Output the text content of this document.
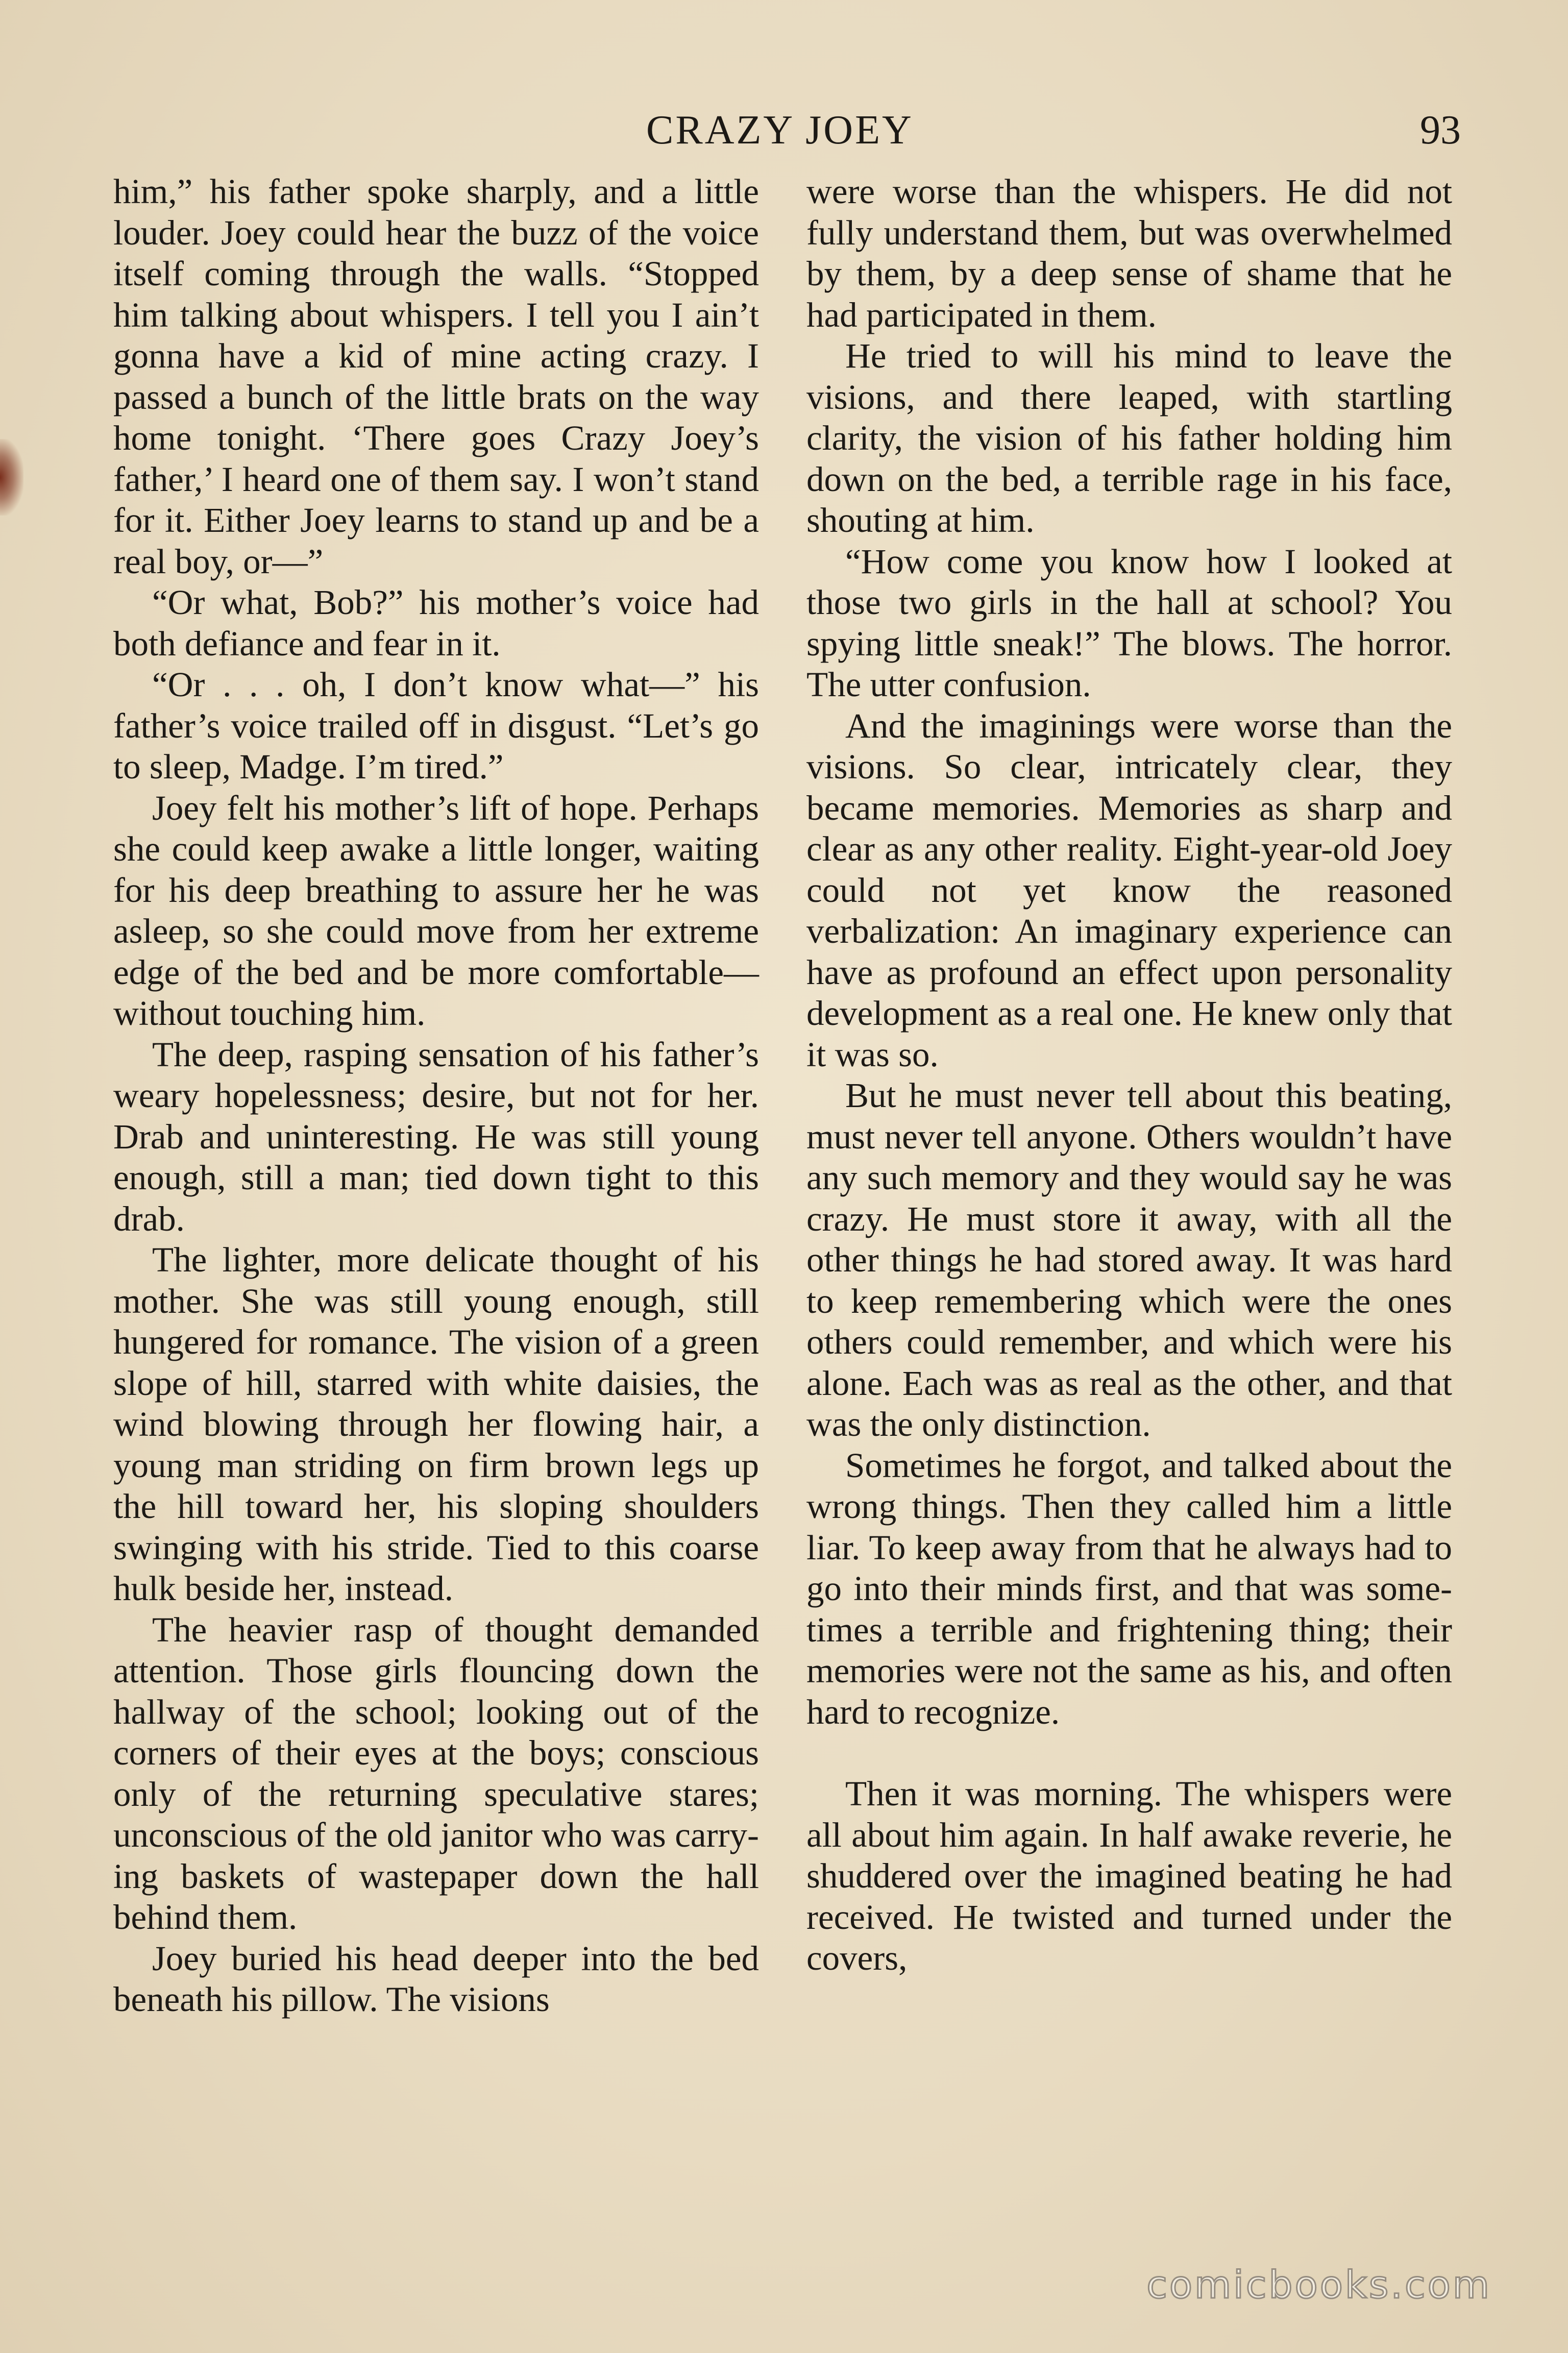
CRAZY JOEY	93

him,” his father spoke sharply, and a little louder. Joey could hear the buzz of the voice itself coming through the walls. “Stopped him talking about whispers. I tell you I ain’t gonna have a kid of mine acting crazy. I passed a bunch of the little brats on the way home tonight. ‘There goes Crazy Joey’s father,’ I heard one of them say. I won’t stand for it. Either Joey learns to stand up and be a real boy, or—”

“Or what, Bob?” his mother’s voice had both defiance and fear in it.

“Or . . . oh, I don’t know what—” his father’s voice trailed off in disgust. “Let’s go to sleep, Madge. I’m tired.”

Joey felt his mother’s lift of hope. Perhaps she could keep awake a little longer, waiting for his deep breathing to assure her he was asleep, so she could move from her extreme edge of the bed and be more comfortable—without touching him.

The deep, rasping sensation of his father’s weary hopelessness; desire, but not for her. Drab and uninteresting. He was still young enough, still a man; tied down tight to this drab.

The lighter, more delicate thought of his mother. She was still young enough, still hungered for romance. The vision of a green slope of hill, starred with white daisies, the wind blowing through her flowing hair, a young man striding on firm brown legs up the hill toward her, his sloping shoulders swinging with his stride. Tied to this coarse hulk beside her, instead.

The heavier rasp of thought demanded attention. Those girls flouncing down the hallway of the school; looking out of the corners of their eyes at the boys; conscious only of the returning speculative stares; unconscious of the old janitor who was carrying baskets of wastepaper down the hall behind them.

Joey buried his head deeper into the bed beneath his pillow. The visions

were worse than the whispers. He did not fully understand them, but was overwhelmed by them, by a deep sense of shame that he had participated in them.

He tried to will his mind to leave the visions, and there leaped, with startling clarity, the vision of his father holding him down on the bed, a terrible rage in his face, shouting at him.

“How come you know how I looked at those two girls in the hall at school? You spying little sneak!” The blows. The horror. The utter confusion.

And the imaginings were worse than the visions. So clear, intricately clear, they became memories. Memories as sharp and clear as any other reality. Eight-year-old Joey could not yet know the reasoned verbalization: An imaginary experience can have as profound an effect upon personality development as a real one. He knew only that it was so.

But he must never tell about this beating, must never tell anyone. Others wouldn’t have any such memory and they would say he was crazy. He must store it away, with all the other things he had stored away. It was hard to keep remembering which were the ones others could remember, and which were his alone. Each was as real as the other, and that was the only distinction.

Sometimes he forgot, and talked about the wrong things. Then they called him a little liar. To keep away from that he always had to go into their minds first, and that was sometimes a terrible and frightening thing; their memories were not the same as his, and often hard to recognize.

Then it was morning. The whispers were all about him again. In half awake reverie, he shuddered over the imagined beating he had received. He twisted and turned under the covers,

comicbooks.com
